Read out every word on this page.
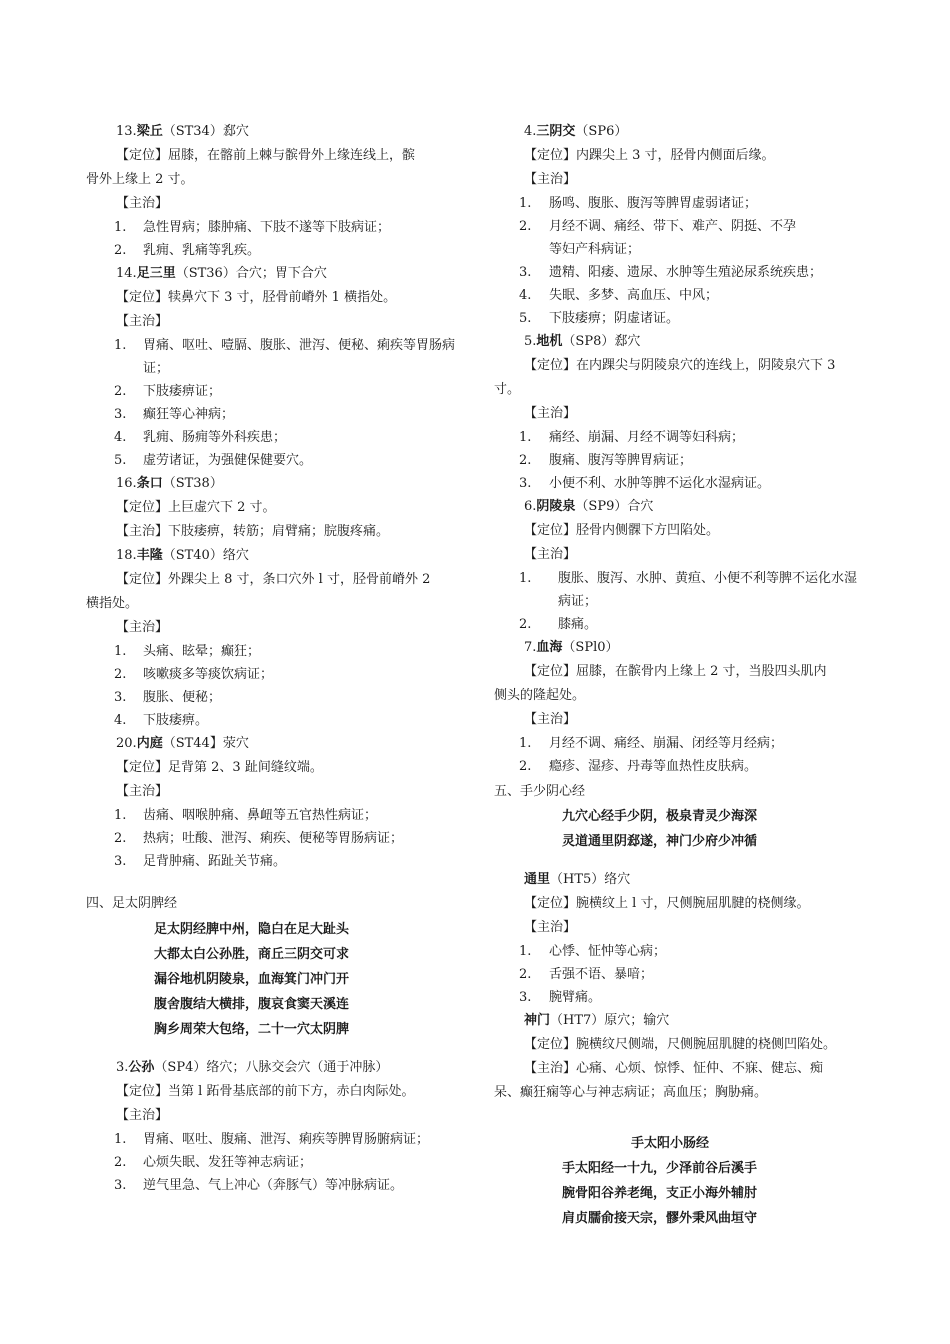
13.梁丘（ST34）郄穴
【定位】屈膝，在髂前上棘与髌骨外上缘连线上，髌
骨外上缘上 2 寸。
【主治】
1. 急性胃病；膝肿痛、下肢不遂等下肢病证；
2. 乳痈、乳痛等乳疾。
14.足三里（ST36）合穴；胃下合穴
【定位】犊鼻穴下 3 寸，胫骨前嵴外 1 横指处。
【主治】
1. 胃痛、呕吐、噎膈、腹胀、泄泻、便秘、痢疾等胃肠病证；
2. 下肢痿痹证；
3. 癫狂等心神病；
4. 乳痈、肠痈等外科疾患；
5. 虚劳诸证，为强健保健要穴。
16.条口（ST38）
【定位】上巨虚穴下 2 寸。
【主治】下肢痿痹，转筋；肩臂痛；脘腹疼痛。
18.丰隆（ST40）络穴
【定位】外踝尖上 8 寸，条口穴外 l 寸，胫骨前嵴外 2
横指处。
【主治】
1. 头痛、眩晕；癫狂；
2. 咳嗽痰多等痰饮病证；
3. 腹胀、便秘；
4. 下肢痿痹。
20.内庭（ST44】荥穴
【定位】足背第 2、3 趾间缝纹端。
【主治】
1. 齿痛、咽喉肿痛、鼻衄等五官热性病证；
2. 热病；吐酸、泄泻、痢疾、便秘等胃肠病证；
3. 足背肿痛、跖趾关节痛。
四、足太阴脾经
足太阴经脾中州，隐白在足大趾头
大都太白公孙胜，商丘三阴交可求
漏谷地机阴陵泉，血海箕门冲门开
腹舍腹结大横排，腹哀食窦天溪连
胸乡周荣大包络，二十一穴太阴脾
3.公孙（SP4）络穴；八脉交会穴（通于冲脉）
【定位】当第 l 跖骨基底部的前下方，赤白肉际处。
【主治】
1. 胃痛、呕吐、腹痛、泄泻、痢疾等脾胃肠腑病证；
2. 心烦失眠、发狂等神志病证；
3. 逆气里急、气上冲心（奔豚气）等冲脉病证。
4.三阴交（SP6）
【定位】内踝尖上 3 寸，胫骨内侧面后缘。
【主治】
1. 肠鸣、腹胀、腹泻等脾胃虚弱诸证；
2. 月经不调、痛经、带下、难产、阴挺、不孕等妇产科病证；
3. 遗精、阳痿、遗尿、水肿等生殖泌尿系统疾患；
4. 失眠、多梦、高血压、中风；
5. 下肢痿痹；阴虚诸证。
5.地机（SP8）郄穴
【定位】在内踝尖与阴陵泉穴的连线上，阴陵泉穴下 3
寸。
【主治】
1. 痛经、崩漏、月经不调等妇科病；
2. 腹痛、腹泻等脾胃病证；
3. 小便不利、水肿等脾不运化水湿病证。
6.阴陵泉（SP9）合穴
【定位】胫骨内侧髁下方凹陷处。
【主治】
1. 腹胀、腹泻、水肿、黄疸、小便不利等脾不运化水湿病证；
2. 膝痛。
7.血海（SPl0）
【定位】屈膝，在髌骨内上缘上 2 寸，当股四头肌内
侧头的隆起处。
【主治】
1. 月经不调、痛经、崩漏、闭经等月经病；
2. 瘾疹、湿疹、丹毒等血热性皮肤病。
五、手少阴心经
九穴心经手少阴，极泉青灵少海深
灵道通里阴郄遂，神门少府少冲循
通里（HT5）络穴
【定位】腕横纹上 l 寸，尺侧腕屈肌腱的桡侧缘。
【主治】
1. 心悸、怔忡等心病；
2. 舌强不语、暴喑；
3. 腕臂痛。
神门（HT7）原穴；输穴
【定位】腕横纹尺侧端，尺侧腕屈肌腱的桡侧凹陷处。
【主治】心痛、心烦、惊悸、怔仲、不寐、健忘、痴
呆、癫狂痫等心与神志病证；高血压；胸胁痛。
手太阳小肠经
手太阳经一十九，少泽前谷后溪手
腕骨阳谷养老绳，支正小海外辅肘
肩贞臑俞接天宗，髎外秉风曲垣守
